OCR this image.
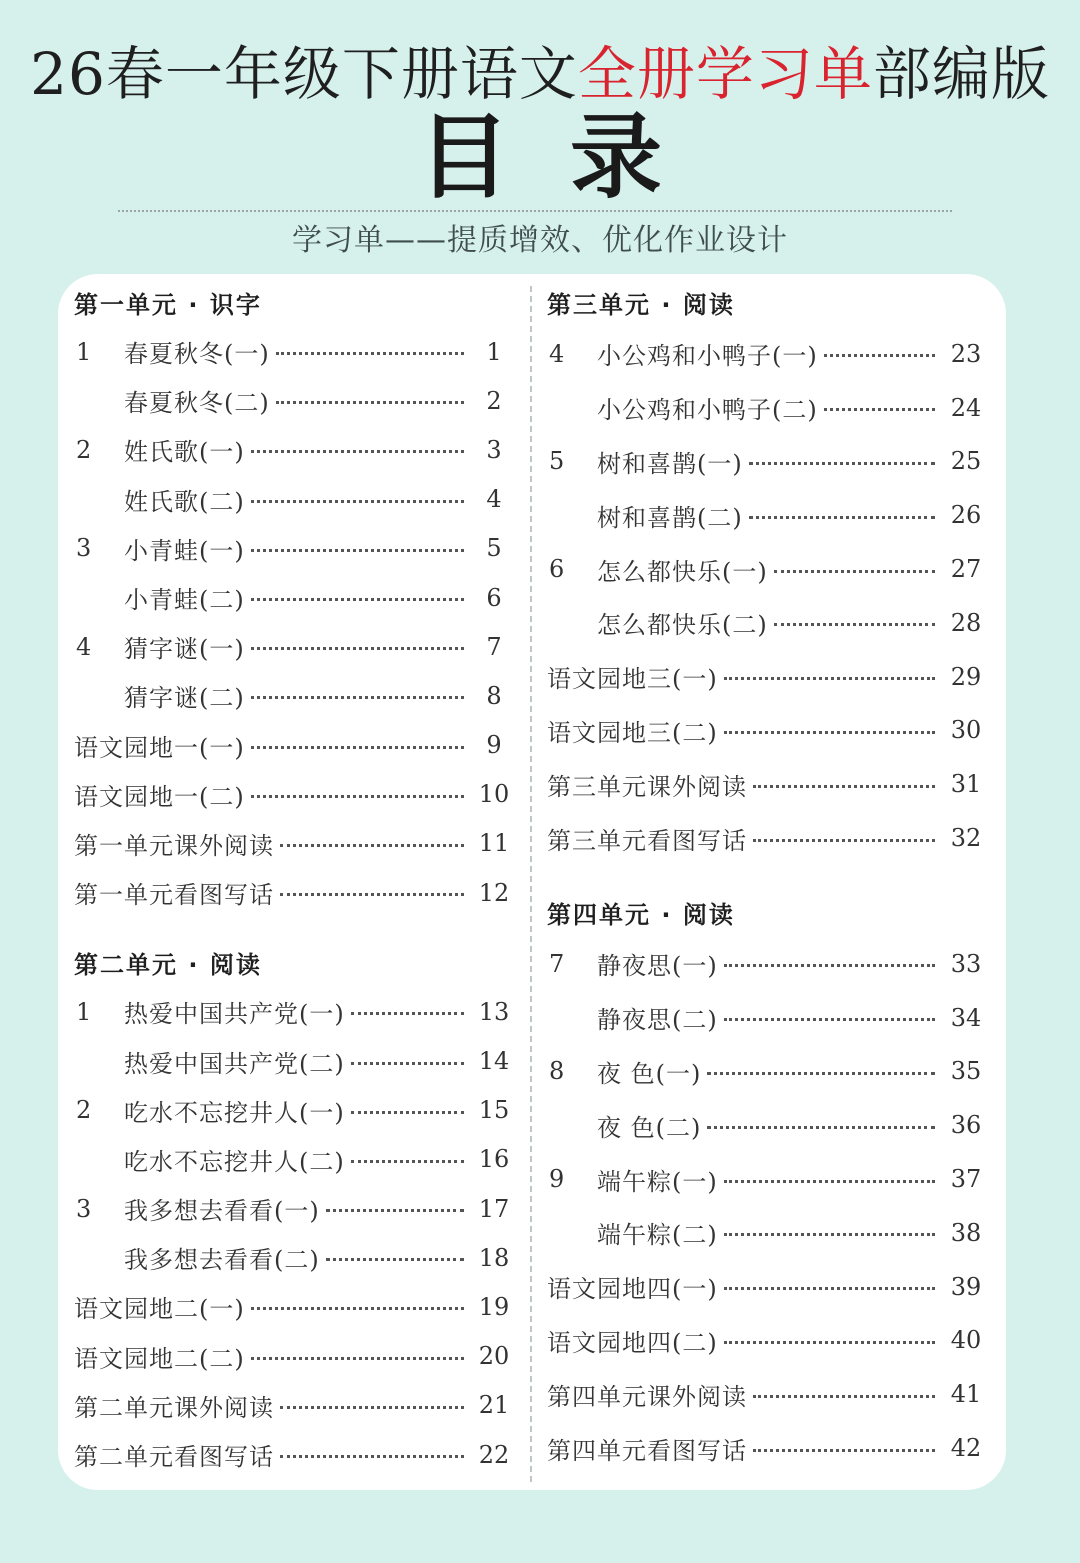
26春一年级下册语文全册学习单部编版
目录
学习单——提质增效、优化作业设计
第一单元 · 识字
1	春夏秋冬(一)	1
春夏秋冬(二)	2
2	姓氏歌(一)	3
姓氏歌(二)	4
3	小青蛙(一)	5
小青蛙(二)	6
4	猜字谜(一)	7
猜字谜(二)	8
语文园地一(一)	9
语文园地一(二)	10
第一单元课外阅读	11
第一单元看图写话	12
第二单元 · 阅读
1	热爱中国共产党(一)	13
热爱中国共产党(二)	14
2	吃水不忘挖井人(一)	15
吃水不忘挖井人(二)	16
3	我多想去看看(一)	17
我多想去看看(二)	18
语文园地二(一)	19
语文园地二(二)	20
第二单元课外阅读	21
第二单元看图写话	22
第三单元 · 阅读
4	小公鸡和小鸭子(一)	23
小公鸡和小鸭子(二)	24
5	树和喜鹊(一)	25
树和喜鹊(二)	26
6	怎么都快乐(一)	27
怎么都快乐(二)	28
语文园地三(一)	29
语文园地三(二)	30
第三单元课外阅读	31
第三单元看图写话	32
第四单元 · 阅读
7	静夜思(一)	33
静夜思(二)	34
8	夜 色(一)	35
夜 色(二)	36
9	端午粽(一)	37
端午粽(二)	38
语文园地四(一)	39
语文园地四(二)	40
第四单元课外阅读	41
第四单元看图写话	42
